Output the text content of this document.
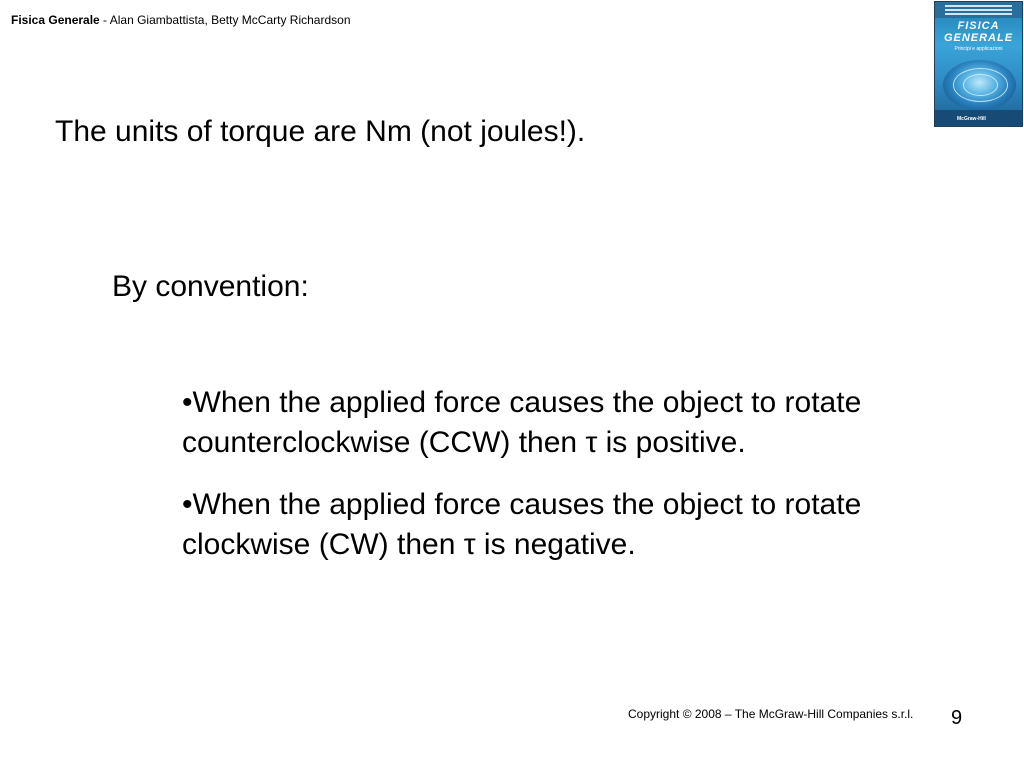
Fisica Generale - Alan Giambattista, Betty McCarty Richardson	FISICA
GENERALE
Principi e applicazioni
McGraw-Hill
The units of torque are Nm (not joules!).
By convention:
•When the applied force causes the object to rotate counterclockwise (CCW) then τ is positive.
•When the applied force causes the object to rotate clockwise (CW) then τ is negative.
Copyright © 2008 – The McGraw-Hill Companies s.r.l. 9
